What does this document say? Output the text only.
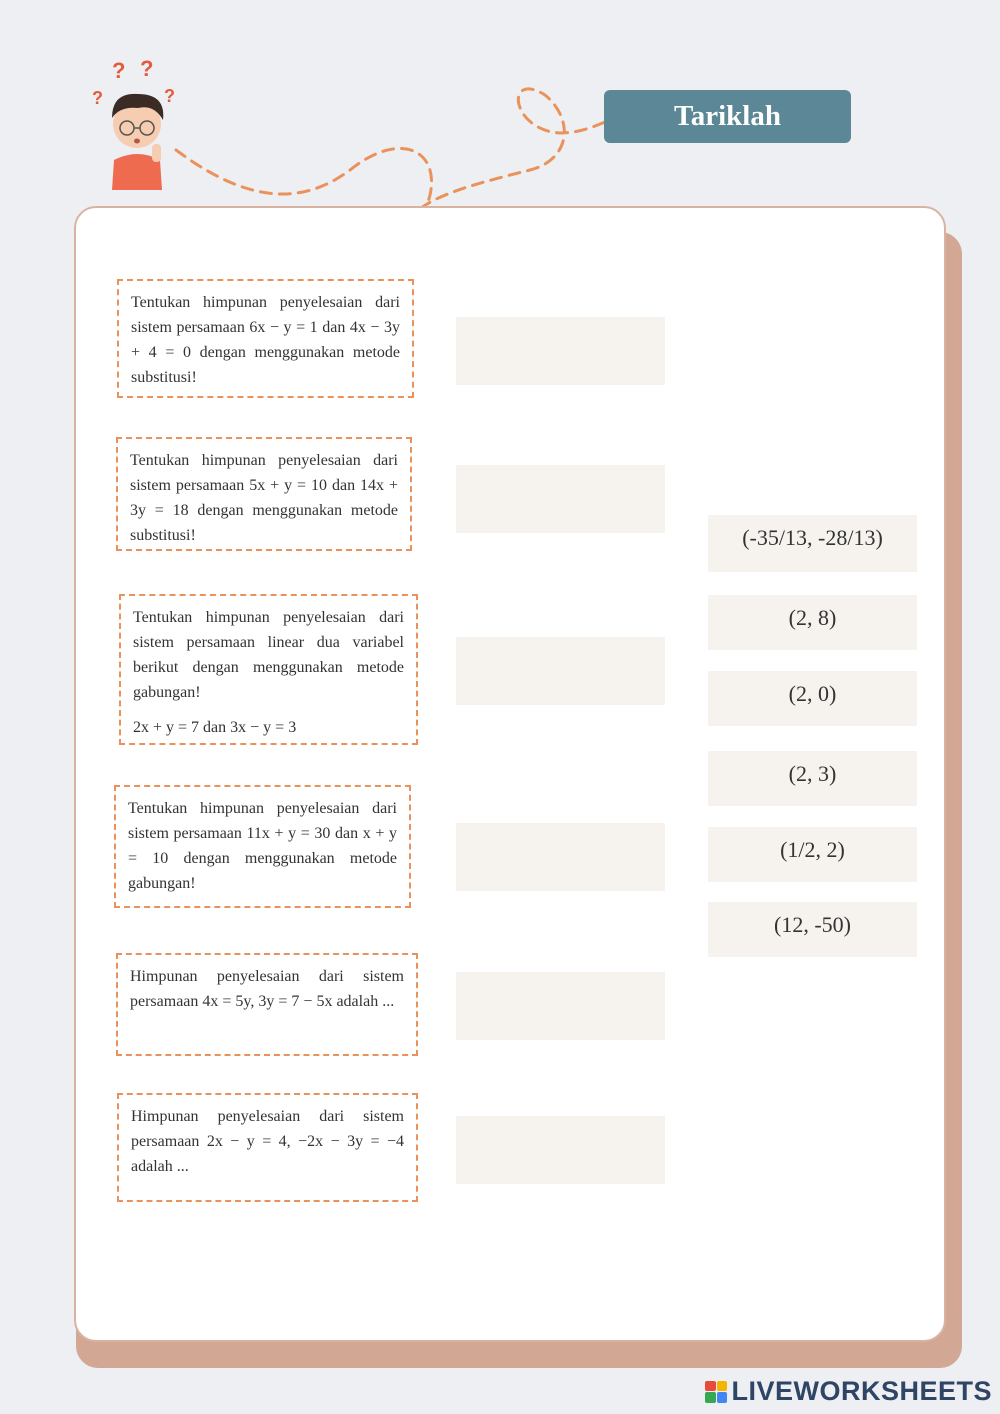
? ?
?	?
Tariklah
Tentukan himpunan penyelesaian dari sistem persamaan 6x − y = 1 dan 4x − 3y + 4 = 0 dengan menggunakan metode substitusi!
Tentukan himpunan penyelesaian dari sistem persamaan 5x + y = 10 dan 14x + 3y = 18 dengan menggunakan metode substitusi!
Tentukan himpunan penyelesaian dari sistem persamaan linear dua variabel berikut dengan menggunakan metode gabungan!
2x + y = 7 dan 3x − y = 3
Tentukan himpunan penyelesaian dari sistem persamaan 11x + y = 30 dan x + y = 10 dengan menggunakan metode gabungan!
Himpunan penyelesaian dari sistem persamaan 4x = 5y, 3y = 7 − 5x adalah ...
Himpunan penyelesaian dari sistem persamaan 2x − y = 4, −2x − 3y = −4 adalah ...
(-35/13, -28/13)
(2, 8)
(2, 0)
(2, 3)
(1/2, 2)
(12, -50)
LIVEWORKSHEETS
